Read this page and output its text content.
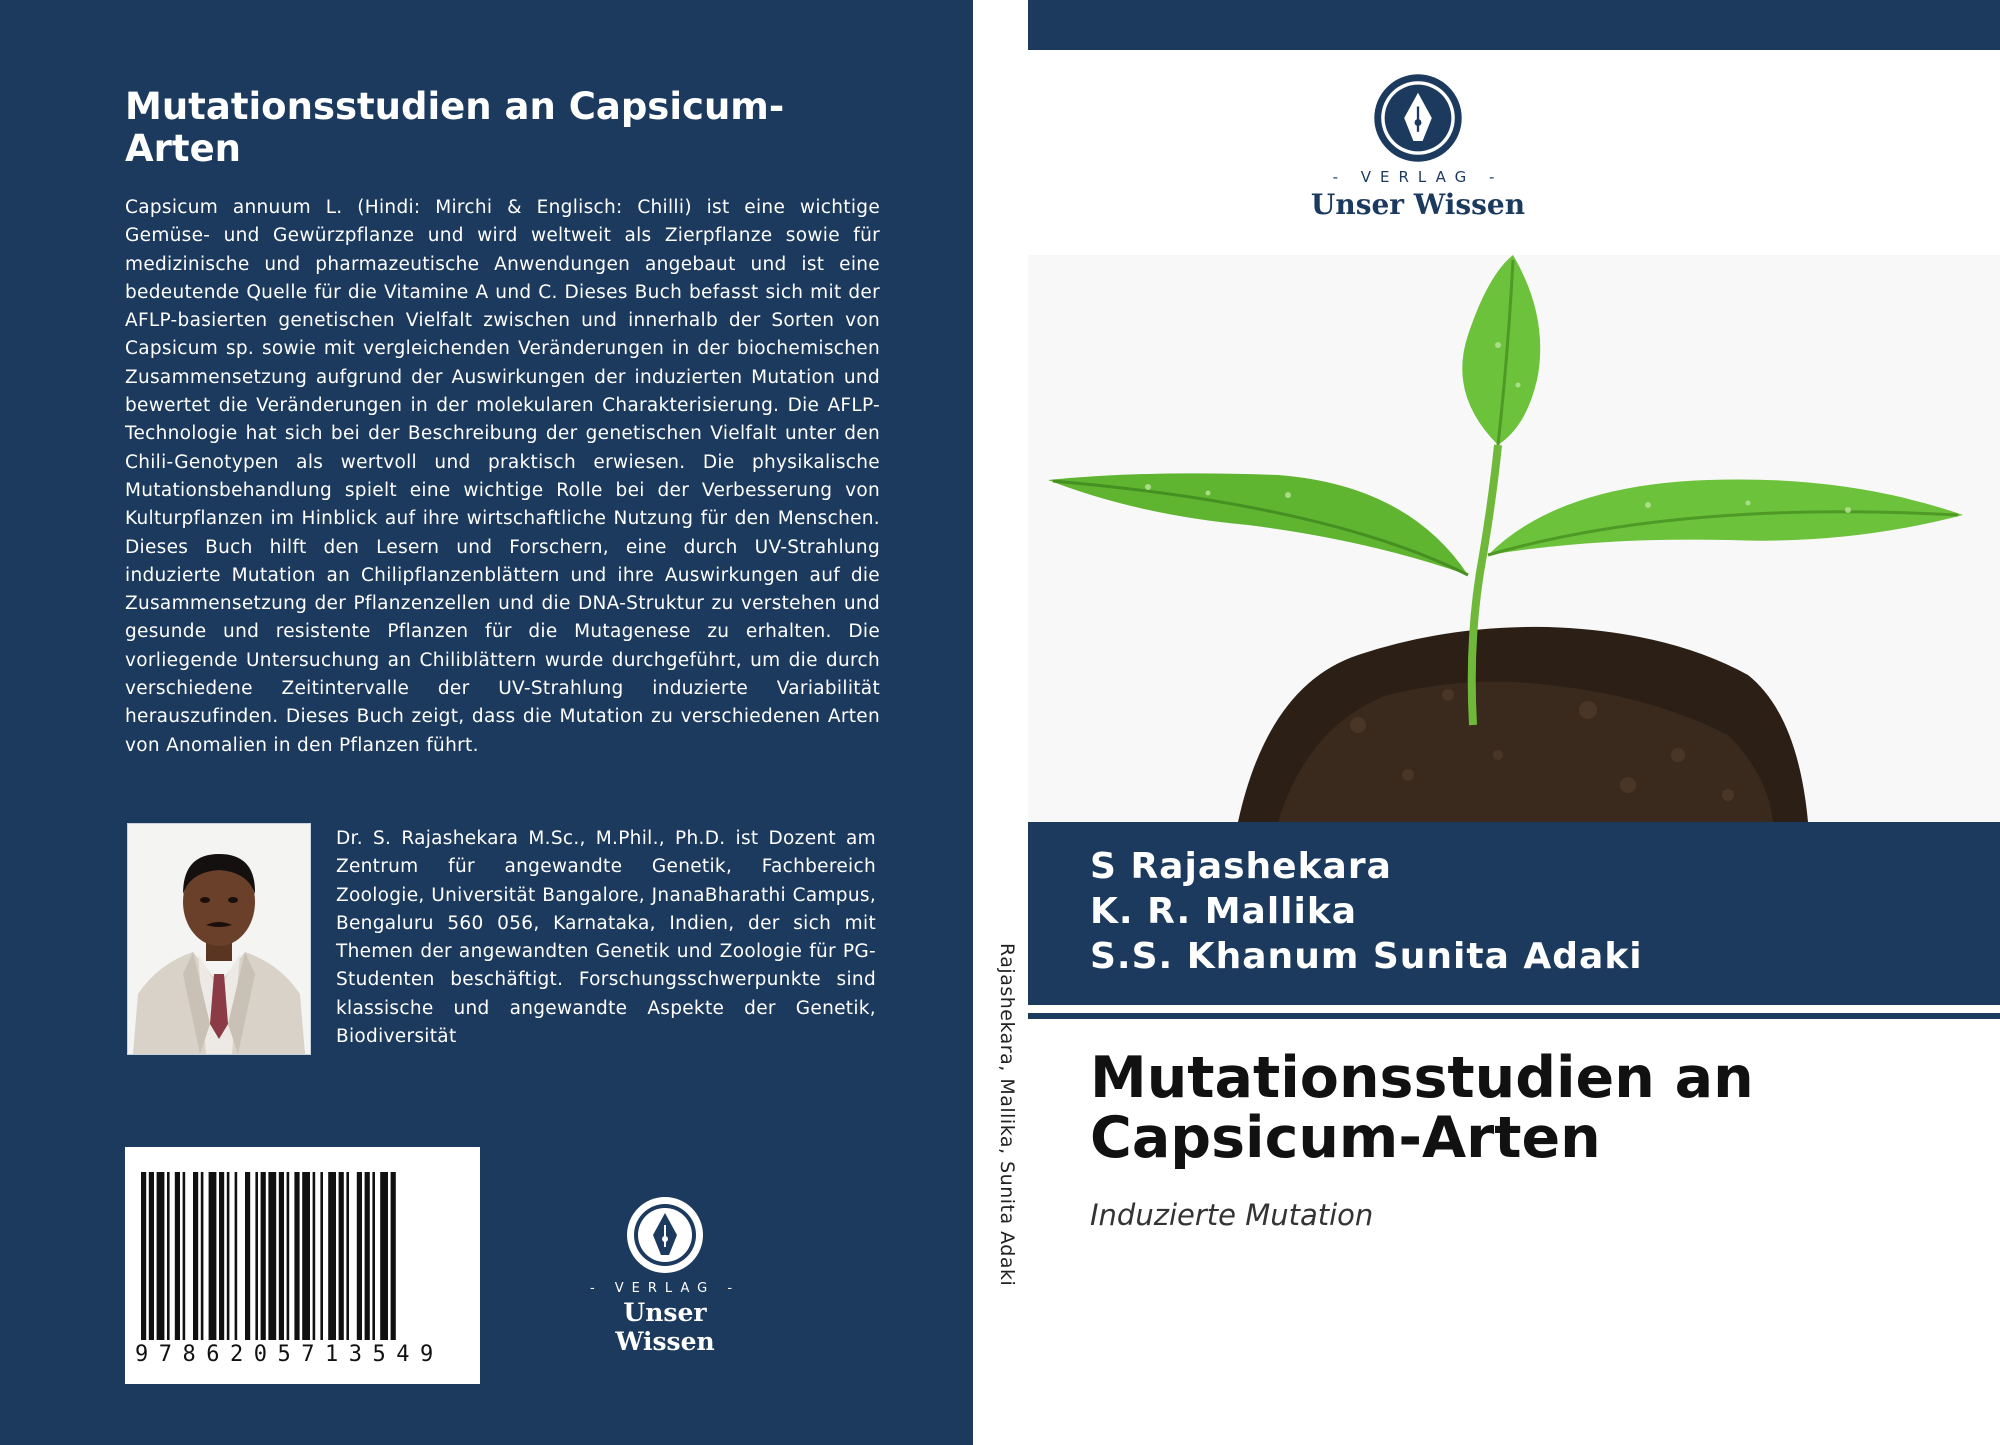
Mutationsstudien an Capsicum-Arten

Capsicum annuum L. (Hindi: Mirchi & Englisch: Chilli) ist eine wichtige Gemüse- und Gewürzpflanze und wird weltweit als Zierpflanze sowie für medizinische und pharmazeutische Anwendungen angebaut und ist eine bedeutende Quelle für die Vitamine A und C. Dieses Buch befasst sich mit der AFLP-basierten genetischen Vielfalt zwischen und innerhalb der Sorten von Capsicum sp. sowie mit vergleichenden Veränderungen in der biochemischen Zusammensetzung aufgrund der Auswirkungen der induzierten Mutation und bewertet die Veränderungen in der molekularen Charakterisierung. Die AFLP-Technologie hat sich bei der Beschreibung der genetischen Vielfalt unter den Chili-Genotypen als wertvoll und praktisch erwiesen. Die physikalische Mutationsbehandlung spielt eine wichtige Rolle bei der Verbesserung von Kulturpflanzen im Hinblick auf ihre wirtschaftliche Nutzung für den Menschen. Dieses Buch hilft den Lesern und Forschern, eine durch UV-Strahlung induzierte Mutation an Chilipflanzenblättern und ihre Auswirkungen auf die Zusammensetzung der Pflanzenzellen und die DNA-Struktur zu verstehen und gesunde und resistente Pflanzen für die Mutagenese zu erhalten. Die vorliegende Untersuchung an Chiliblättern wurde durchgeführt, um die durch verschiedene Zeitintervalle der UV-Strahlung induzierte Variabilität herauszufinden. Dieses Buch zeigt, dass die Mutation zu verschiedenen Arten von Anomalien in den Pflanzen führt.

Dr. S. Rajashekara M.Sc., M.Phil., Ph.D. ist Dozent am Zentrum für angewandte Genetik, Fachbereich Zoologie, Universität Bangalore, JnanaBharathi Campus, Bengaluru 560 056, Karnataka, Indien, der sich mit Themen der angewandten Genetik und Zoologie für PG-Studenten beschäftigt. Forschungsschwerpunkte sind klassische und angewandte Aspekte der Genetik, Biodiversität

9786205713549
- VERLAG -
Unser Wissen
Rajashekara, Mallika, Sunita Adaki
- VERLAG -
Unser Wissen
S Rajashekara
K. R. Mallika
S.S. Khanum Sunita Adaki
Mutationsstudien an Capsicum-Arten
Induzierte Mutation
